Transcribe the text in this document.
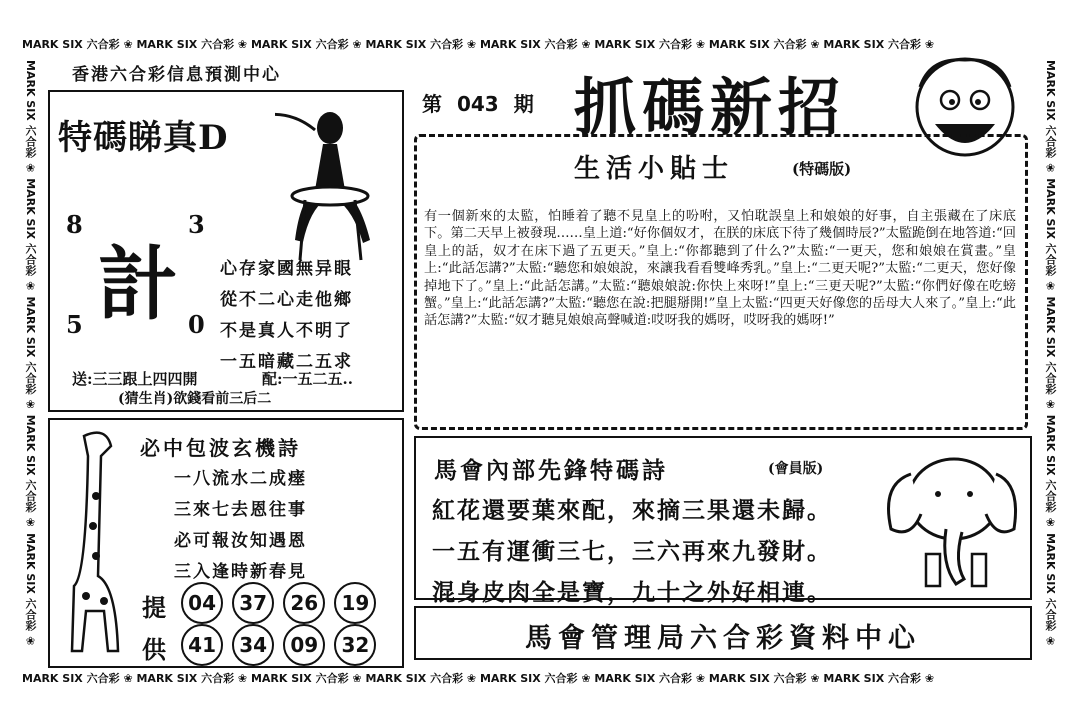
MARK SIX 六合彩 ❀ MARK SIX 六合彩 ❀ MARK SIX 六合彩 ❀ MARK SIX 六合彩 ❀ MARK SIX 六合彩 ❀ MARK SIX 六合彩 ❀ MARK SIX 六合彩 ❀ MARK SIX 六合彩 ❀
MARK SIX 六合彩 ❀ MARK SIX 六合彩 ❀ MARK SIX 六合彩 ❀ MARK SIX 六合彩 ❀ MARK SIX 六合彩 ❀ MARK SIX 六合彩 ❀ MARK SIX 六合彩 ❀ MARK SIX 六合彩 ❀
MARK SIX 六合彩 ❀ MARK SIX 六合彩 ❀ MARK SIX 六合彩 ❀ MARK SIX 六合彩 ❀ MARK SIX 六合彩 ❀	MARK SIX 六合彩 ❀ MARK SIX 六合彩 ❀ MARK SIX 六合彩 ❀ MARK SIX 六合彩 ❀ MARK SIX 六合彩 ❀
香港六合彩信息預測中心
特碼睇真D
8	3
5	0
計 心存家國無异眼
從不二心走他鄉
不是真人不明了
一五暗藏二五求
送:三三跟上四四開	配:一五二五..
(猜生肖)欲錢看前三后二
第 043 期 抓碼新招
生活小貼士	(特碼版)
有一個新來的太監，怕睡着了聽不見皇上的吩咐，又怕耽誤皇上和娘娘的好事，自主張藏在了床底下。第二天早上被發現……皇上道:“好你個奴才，在朕的床底下待了幾個時辰?”太監跪倒在地答道:“回皇上的話，奴才在床下過了五更天。”皇上:“你都聽到了什么?”太監:“一更天，您和娘娘在賞畫。”皇上:“此話怎講?”太監:“聽您和娘娘說，來讓我看看雙峰秀乳。”皇上:“二更天呢?”太監:“二更天，您好像掉地下了。”皇上:“此話怎講。”太監:“聽娘娘說:你快上來呀!”皇上:“三更天呢?”太監:“你們好像在吃螃蟹。”皇上:“此話怎講?”太監:“聽您在說:把腿掰開!”皇上太監:“四更天好像您的岳母大人來了。”皇上:“此話怎講?”太監:“奴才聽見娘娘高聲喊道:哎呀我的媽呀，哎呀我的媽呀!”
必中包波玄機詩
一八流水二成瘗
三來七去恩往事
必可報汝知遇恩
三入逢時新春見
提 04 37 26 19
供 41 34 09 32
馬會內部先鋒特碼詩	(會員版)
紅花還要葉來配，來摘三果還未歸。
一五有運衝三七，三六再來九發財。
混身皮肉全是寶，九十之外好相連。
馬會管理局六合彩資料中心
